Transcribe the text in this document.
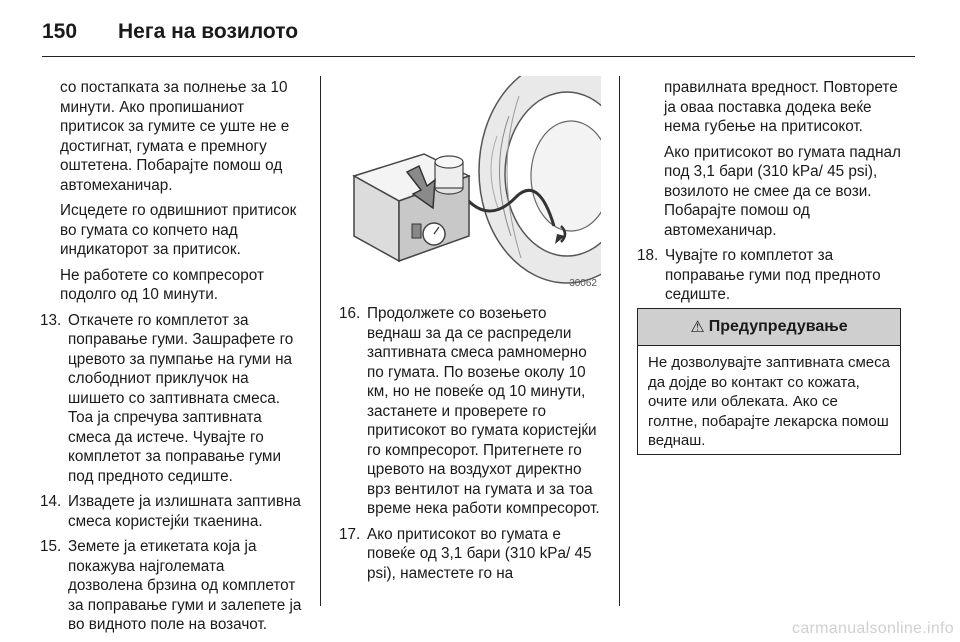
150	Нега на возилото

со постапката за полнење за 10 минути. Ако пропишаниот притисок за гумите се уште не е достигнат, гумата е премногу оштетена. Побарајте помош од автомеханичар.

Исцедете го одвишниот притисок во гумата со копчето над индикаторот за притисок.

Не работете со компресорот подолго од 10 минути.

13. Откачете го комплетот за поправање гуми. Зашрафете го цревото за пумпање на гуми на слободниот приклучок на шишето со заптивната смеса. Тоа ја спречува заптивната смеса да истече. Чувајте го комплетот за поправање гуми под предното седиште.
14. Извадете ја излишната заптивна смеса користејќи ткаенина.
15. Земете ја етикетата која ја покажува најголемата дозволена брзина од комплетот за поправање гуми и залепете ја во видното поле на возачот.
30062
16. Продолжете со возењето веднаш за да се распредели заптивната смеса рамномерно по гумата. По возење околу 10 км, но не повеќе од 10 минути, застанете и проверете го притисокот во гумата користејќи го компресорот. Притегнете го цревото на воздухот директно врз вентилот на гумата и за тоа време нека работи компресорот.
17. Ако притисокот во гумата е повеќе од 3,1 бари (310 kPa/ 45 psi), наместете го на

правилната вредност. Повторете ја оваа поставка додека веќе нема губење на притисокот.

Ако притисокот во гумата паднал под 3,1 бари (310 kPa/ 45 psi), возилото не смее да се вози. Побарајте помош од автомеханичар.

18. Чувајте го комплетот за поправање гуми под предното седиште.
⚠ Предупредување
Не дозволувајте заптивната смеса да дојде во контакт со кожата, очите или облеката. Ако се голтне, побарајте лекарска помош веднаш.
carmanualsonline.info
